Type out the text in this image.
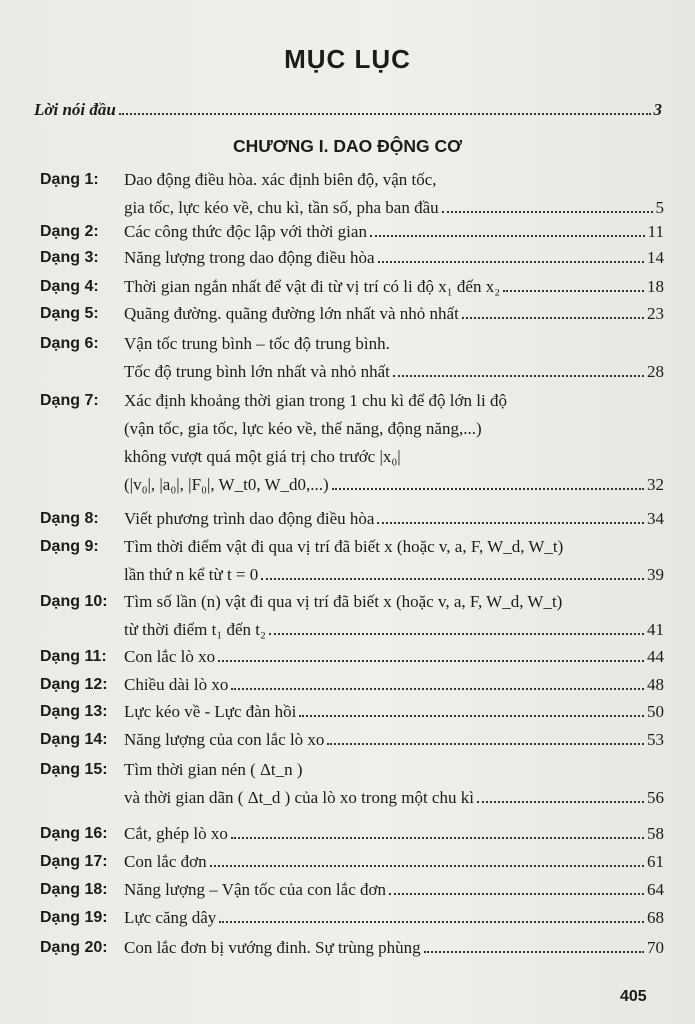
MỤC LỤC
Lời nói đầu	3
CHƯƠNG I. DAO ĐỘNG CƠ
Dạng 1: Dao động điều hòa. xác định biên độ, vận tốc,
gia tốc, lực kéo về, chu kì, tần số, pha ban đầu	5
Dạng 2: Các công thức độc lập với thời gian	11
Dạng 3: Năng lượng trong dao động điều hòa	14
Dạng 4: Thời gian ngắn nhất để vật đi từ vị trí có li độ x₁ đến x₂	18
Dạng 5: Quãng đường. quãng đường lớn nhất và nhỏ nhất	23
Dạng 6: Vận tốc trung bình – tốc độ trung bình.
Tốc độ trung bình lớn nhất và nhỏ nhất	28
Dạng 7: Xác định khoảng thời gian trong 1 chu kì để độ lớn li độ
(vận tốc, gia tốc, lực kéo về, thế năng, động năng,...)
không vượt quá một giá trị cho trước |x₀|
(|v₀|, |a₀|, |F₀|, W_t0, W_d0,...)	32
Dạng 8: Viết phương trình dao động điều hòa	34
Dạng 9: Tìm thời điểm vật đi qua vị trí đã biết x (hoặc v, a, F, W_d, W_t)
lần thứ n kể từ t = 0	39
Dạng 10: Tìm số lần (n) vật đi qua vị trí đã biết x (hoặc v, a, F, W_d, W_t)
từ thời điểm t₁ đến t₂	41
Dạng 11: Con lắc lò xo	44
Dạng 12: Chiều dài lò xo	48
Dạng 13: Lực kéo về - Lực đàn hồi	50
Dạng 14: Năng lượng của con lắc lò xo	53
Dạng 15: Tìm thời gian nén ( Δt_n )
và thời gian dãn ( Δt_d ) của lò xo trong một chu kì	56
Dạng 16: Cắt, ghép lò xo	58
Dạng 17: Con lắc đơn	61
Dạng 18: Năng lượng – Vận tốc của con lắc đơn	64
Dạng 19: Lực căng dây	68
Dạng 20: Con lắc đơn bị vướng đinh. Sự trùng phùng	70
405
